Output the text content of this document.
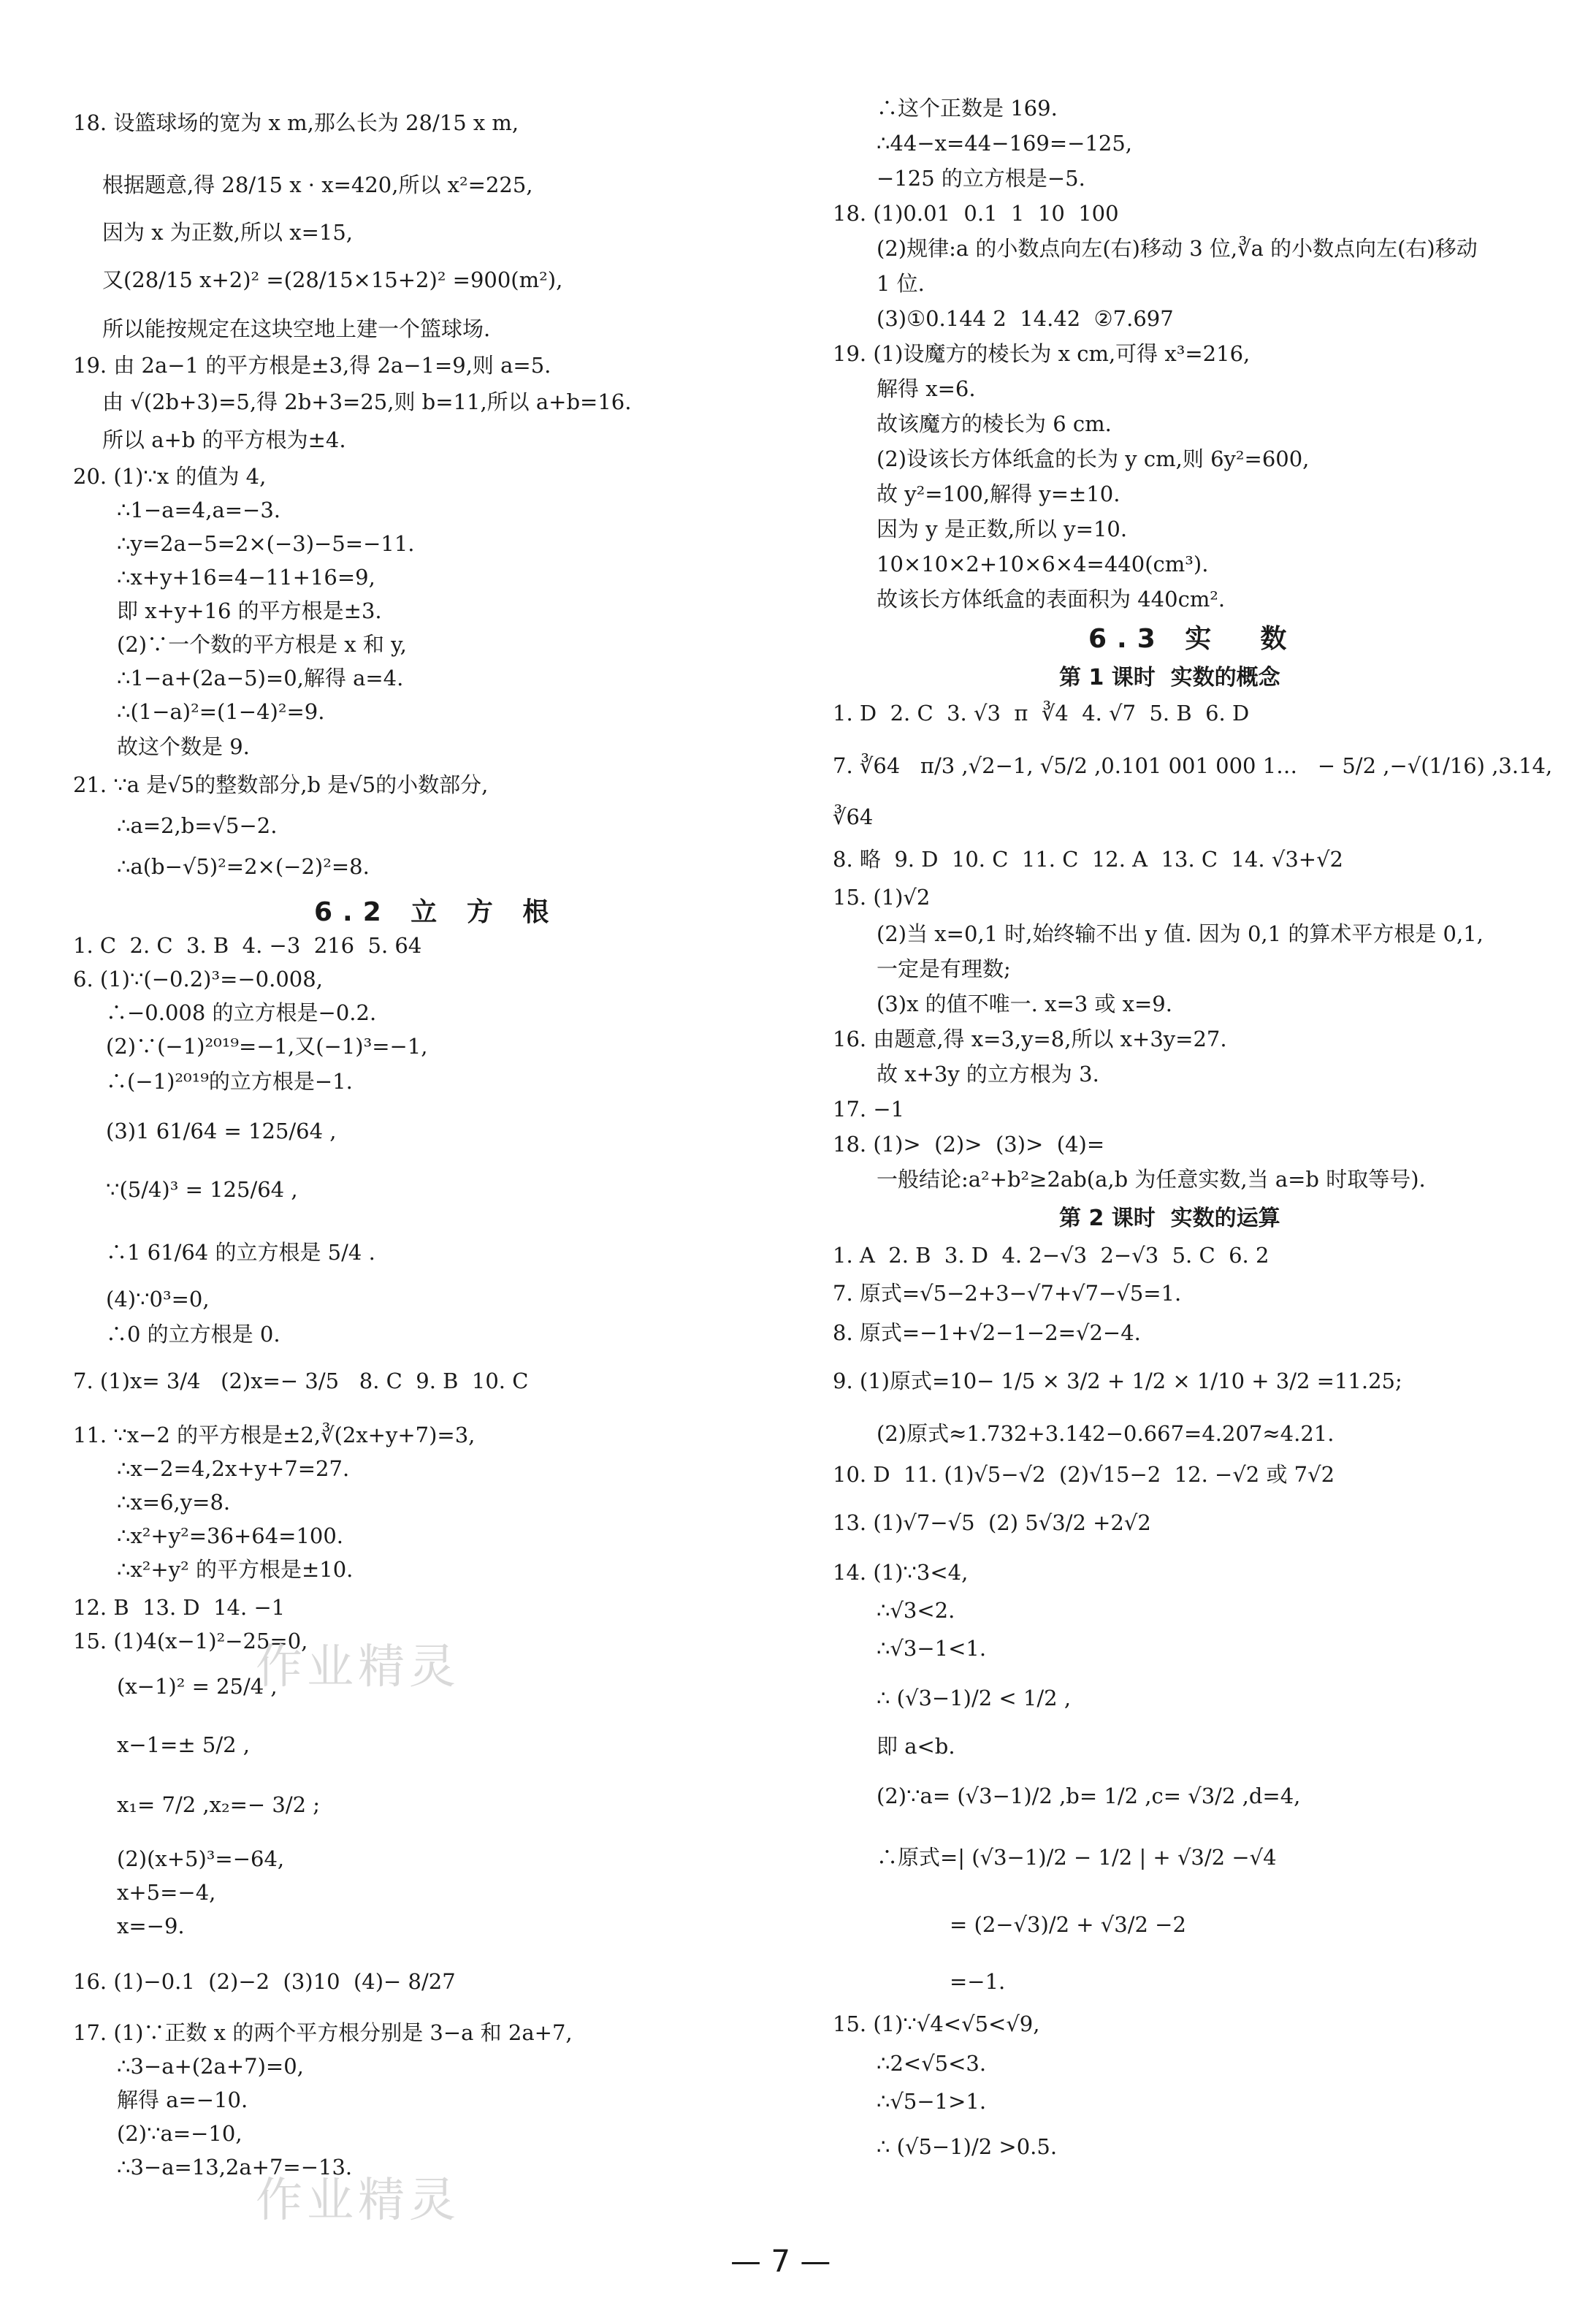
18. 设篮球场的宽为 x m,那么长为 28/15 x m,
根据题意,得 28/15 x · x=420,所以 x²=225,
因为 x 为正数,所以 x=15,
又(28/15 x+2)² =(28/15×15+2)² =900(m²),
所以能按规定在这块空地上建一个篮球场.
19. 由 2a−1 的平方根是±3,得 2a−1=9,则 a=5.
由 √(2b+3)=5,得 2b+3=25,则 b=11,所以 a+b=16.
所以 a+b 的平方根为±4.
20. (1)∵x 的值为 4,
∴1−a=4,a=−3.
∴y=2a−5=2×(−3)−5=−11.
∴x+y+16=4−11+16=9,
即 x+y+16 的平方根是±3.
(2)∵一个数的平方根是 x 和 y,
∴1−a+(2a−5)=0,解得 a=4.
∴(1−a)²=(1−4)²=9.
故这个数是 9.
21. ∵a 是√5的整数部分,b 是√5的小数部分,
∴a=2,b=√5−2.
∴a(b−√5)²=2×(−2)²=8.
6.2 立 方 根
1. C  2. C  3. B  4. −3  216  5. 64
6. (1)∵(−0.2)³=−0.008,
∴−0.008 的立方根是−0.2.
(2)∵(−1)²⁰¹⁹=−1,又(−1)³=−1,
∴(−1)²⁰¹⁹的立方根是−1.
(3)1 61/64 = 125/64 ,
∵(5/4)³ = 125/64 ,
∴1 61/64 的立方根是 5/4 .
(4)∵0³=0,
∴0 的立方根是 0.
7. (1)x= 3/4   (2)x=− 3/5   8. C  9. B  10. C
11. ∵x−2 的平方根是±2,∛(2x+y+7)=3,
∴x−2=4,2x+y+7=27.
∴x=6,y=8.
∴x²+y²=36+64=100.
∴x²+y² 的平方根是±10.
12. B  13. D  14. −1
15. (1)4(x−1)²−25=0,
(x−1)² = 25/4 ,
x−1=± 5/2 ,
x₁= 7/2 ,x₂=− 3/2 ;
(2)(x+5)³=−64,
x+5=−4,
x=−9.
16. (1)−0.1  (2)−2  (3)10  (4)− 8/27
17. (1)∵正数 x 的两个平方根分别是 3−a 和 2a+7,
∴3−a+(2a+7)=0,
解得 a=−10.
(2)∵a=−10,
∴3−a=13,2a+7=−13.
∴这个正数是 169.
∴44−x=44−169=−125,
−125 的立方根是−5.
18. (1)0.01  0.1  1  10  100
(2)规律:a 的小数点向左(右)移动 3 位,∛a 的小数点向左(右)移动
1 位.
(3)①0.144 2  14.42  ②7.697
19. (1)设魔方的棱长为 x cm,可得 x³=216,
解得 x=6.
故该魔方的棱长为 6 cm.
(2)设该长方体纸盒的长为 y cm,则 6y²=600,
故 y²=100,解得 y=±10.
因为 y 是正数,所以 y=10.
10×10×2+10×6×4=440(cm³).
故该长方体纸盒的表面积为 440cm².
6.3 实  数
第 1 课时  实数的概念
1. D  2. C  3. √3  π  ∛4  4. √7  5. B  6. D
7. ∛64   π/3 ,√2−1, √5/2 ,0.101 001 000 1…   − 5/2 ,−√(1/16) ,3.14,
∛64
8. 略  9. D  10. C  11. C  12. A  13. C  14. √3+√2
15. (1)√2
(2)当 x=0,1 时,始终输不出 y 值. 因为 0,1 的算术平方根是 0,1,
一定是有理数;
(3)x 的值不唯一. x=3 或 x=9.
16. 由题意,得 x=3,y=8,所以 x+3y=27.
故 x+3y 的立方根为 3.
17. −1
18. (1)>  (2)>  (3)>  (4)=
一般结论:a²+b²≥2ab(a,b 为任意实数,当 a=b 时取等号).
第 2 课时  实数的运算
1. A  2. B  3. D  4. 2−√3  2−√3  5. C  6. 2
7. 原式=√5−2+3−√7+√7−√5=1.
8. 原式=−1+√2−1−2=√2−4.
9. (1)原式=10− 1/5 × 3/2 + 1/2 × 1/10 + 3/2 =11.25;
(2)原式≈1.732+3.142−0.667=4.207≈4.21.
10. D  11. (1)√5−√2  (2)√15−2  12. −√2 或 7√2
13. (1)√7−√5  (2) 5√3/2 +2√2
14. (1)∵3<4,
∴√3<2.
∴√3−1<1.
∴ (√3−1)/2 < 1/2 ,
即 a<b.
(2)∵a= (√3−1)/2 ,b= 1/2 ,c= √3/2 ,d=4,
∴原式=| (√3−1)/2 − 1/2 | + √3/2 −√4
= (2−√3)/2 + √3/2 −2
=−1.
15. (1)∵√4<√5<√9,
∴2<√5<3.
∴√5−1>1.
∴ (√5−1)/2 >0.5.
作业精灵
作业精灵
— 7 —
